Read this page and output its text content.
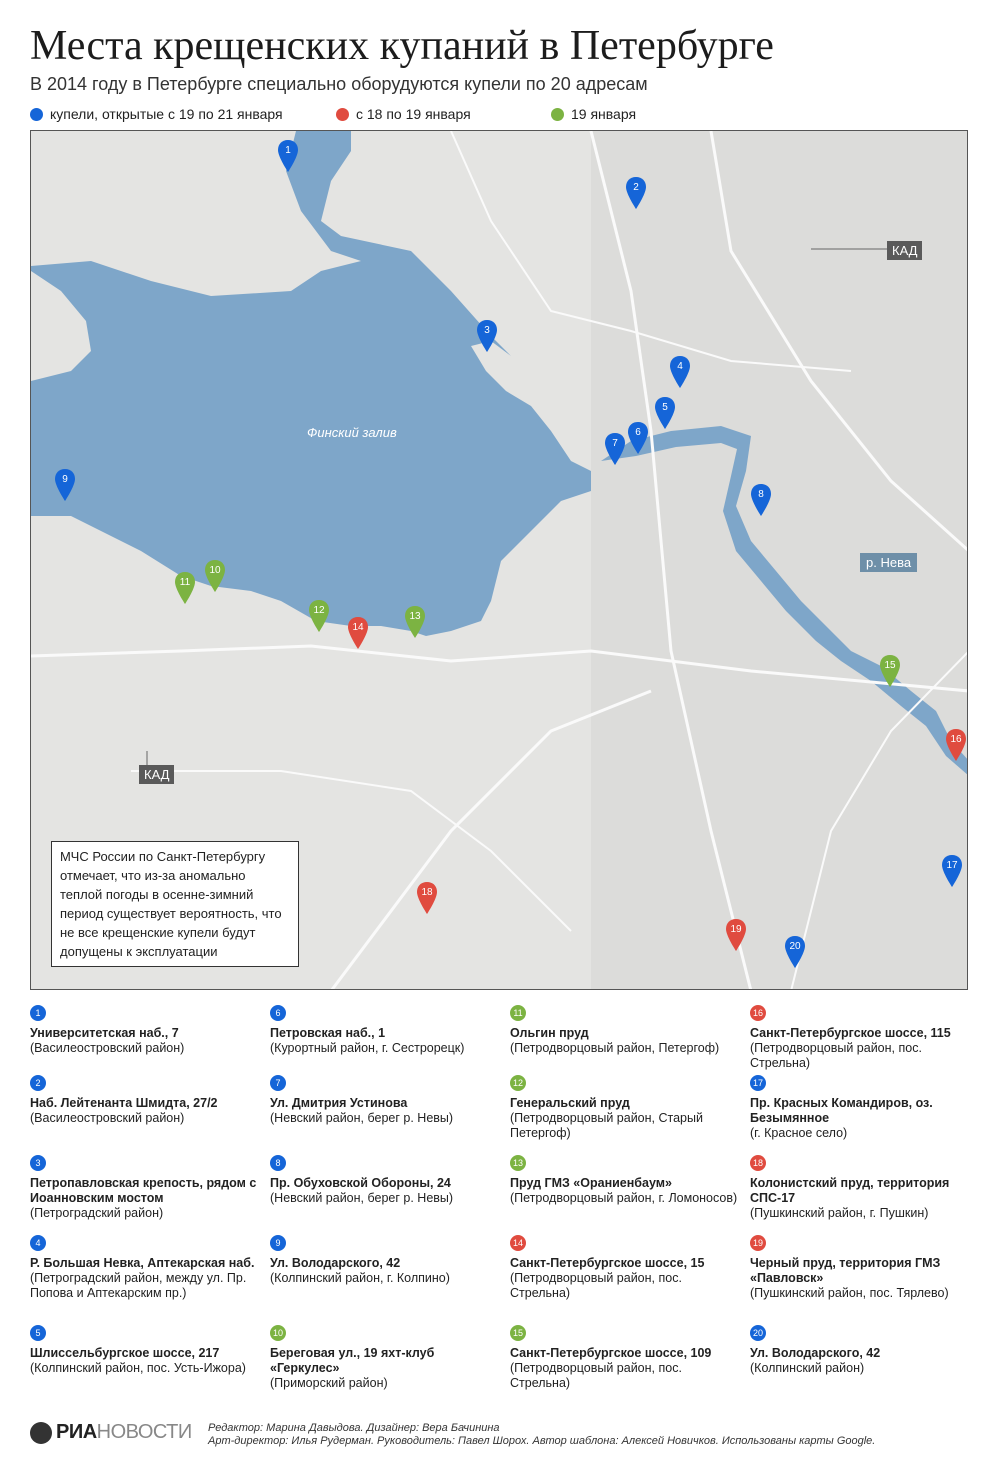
Места крещенских купаний в Петербурге
В 2014 году в Петербурге специально оборудуются купели по 20 адресам
купели, открытые с 19 по 21 января	с 18 по 19 января	19 января
Финский залив
КАД
КАД
р. Нева
1
2
3
4
5
6
7
8
9
10
11
12
13
14
15
16
17
18
19
20
МЧС России по Санкт-Петербургу отмечает, что из-за аномально теплой погоды в осенне-зимний период существует вероятность, что не все крещенские купели будут допущены к эксплуатации
1
Университетская наб., 7
(Василеостровский район)
2
Наб. Лейтенанта Шмидта, 27/2
(Василеостровский район)
3
Петропавловская крепость, рядом с Иоанновским мостом
(Петроградский район)
4
Р. Большая Невка, Аптекарская наб.
(Петроградский район, между ул. Пр. Попова и Аптекарским пр.)
5
Шлиссельбургское шоссе, 217
(Колпинский район, пос. Усть-Ижора)
6
Петровская наб., 1
(Курортный район, г. Сестрорецк)
7
Ул. Дмитрия Устинова
(Невский район, берег р. Невы)
8
Пр. Обуховской Обороны, 24
(Невский район, берег р. Невы)
9
Ул. Володарского, 42
(Колпинский район, г. Колпино)
10
Береговая ул., 19 яхт-клуб «Геркулес»
(Приморский район)
11
Ольгин пруд
(Петродворцовый район, Петергоф)
12
Генеральский пруд
(Петродворцовый район, Старый Петергоф)
13
Пруд ГМЗ «Ораниенбаум»
(Петродворцовый район, г. Ломоносов)
14
Санкт-Петербургское шоссе, 15
(Петродворцовый район, пос. Стрельна)
15
Санкт-Петербургское шоссе, 109
(Петродворцовый район, пос. Стрельна)
16
Санкт-Петербургское шоссе, 115
(Петродворцовый район, пос. Стрельна)
17
Пр. Красных Командиров, оз. Безымянное
(г. Красное село)
18
Колонистский пруд, территория СПС-17
(Пушкинский район, г. Пушкин)
19
Черный пруд, территория ГМЗ «Павловск»
(Пушкинский район, пос. Тярлево)
20
Ул. Володарского, 42
(Колпинский район)
РИА НОВОСТИ Редактор: Марина Давыдова. Дизайнер: Вера Бачинина
Арт-директор: Илья Рудерман. Руководитель: Павел Шорох. Автор шаблона: Алексей Новичков. Использованы карты Google.
